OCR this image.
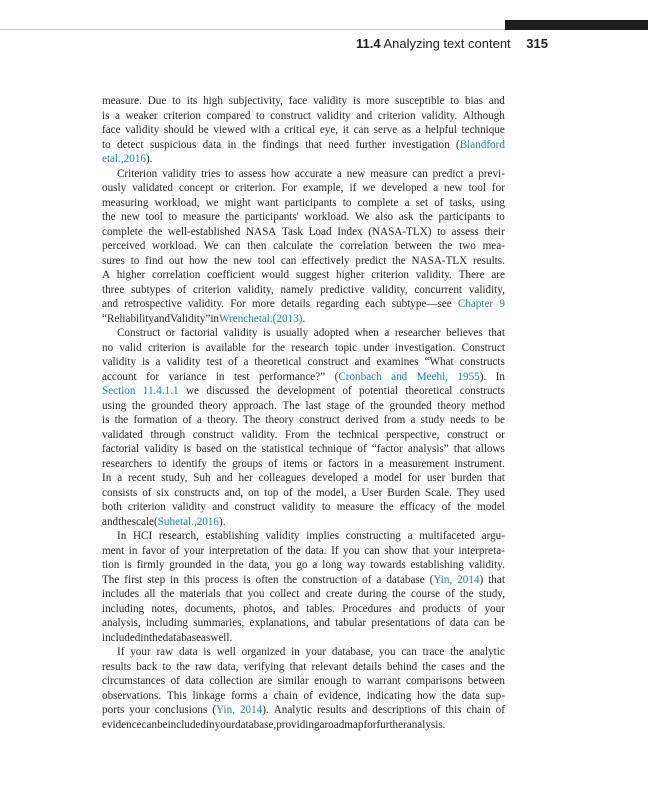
11.4 Analyzing text content 315
measure. Due to its high subjectivity, face validity is more susceptible to bias and
is a weaker criterion compared to construct validity and criterion validity. Although
face validity should be viewed with a critical eye, it can serve as a helpful technique
to detect suspicious data in the findings that need further investigation (Blandford
et al., 2016).
Criterion validity tries to assess how accurate a new measure can predict a previ-
ously validated concept or criterion. For example, if we developed a new tool for
measuring workload, we might want participants to complete a set of tasks, using
the new tool to measure the participants' workload. We also ask the participants to
complete the well-established NASA Task Load Index (NASA-TLX) to assess their
perceived workload. We can then calculate the correlation between the two mea-
sures to find out how the new tool can effectively predict the NASA-TLX results.
A higher correlation coefficient would suggest higher criterion validity. There are
three subtypes of criterion validity, namely predictive validity, concurrent validity,
and retrospective validity. For more details regarding each subtype—see Chapter 9
“Reliability and Validity” in Wrench et al. (2013).
Construct or factorial validity is usually adopted when a researcher believes that
no valid criterion is available for the research topic under investigation. Construct
validity is a validity test of a theoretical construct and examines “What constructs
account for variance in test performance?” (Cronbach and Meehl, 1955). In
Section 11.4.1.1 we discussed the development of potential theoretical constructs
using the grounded theory approach. The last stage of the grounded theory method
is the formation of a theory. The theory construct derived from a study needs to be
validated through construct validity. From the technical perspective, construct or
factorial validity is based on the statistical technique of “factor analysis” that allows
researchers to identify the groups of items or factors in a measurement instrument.
In a recent study, Suh and her colleagues developed a model for user burden that
consists of six constructs and, on top of the model, a User Burden Scale. They used
both criterion validity and construct validity to measure the efficacy of the model
and the scale (Suh et al., 2016).
In HCI research, establishing validity implies constructing a multifaceted argu-
ment in favor of your interpretation of the data. If you can show that your interpreta-
tion is firmly grounded in the data, you go a long way towards establishing validity.
The first step in this process is often the construction of a database (Yin, 2014) that
includes all the materials that you collect and create during the course of the study,
including notes, documents, photos, and tables. Procedures and products of your
analysis, including summaries, explanations, and tabular presentations of data can be
included in the database as well.
If your raw data is well organized in your database, you can trace the analytic
results back to the raw data, verifying that relevant details behind the cases and the
circumstances of data collection are similar enough to warrant comparisons between
observations. This linkage forms a chain of evidence, indicating how the data sup-
ports your conclusions (Yin, 2014). Analytic results and descriptions of this chain of
evidence can be included in your database, providing a roadmap for further analysis.
